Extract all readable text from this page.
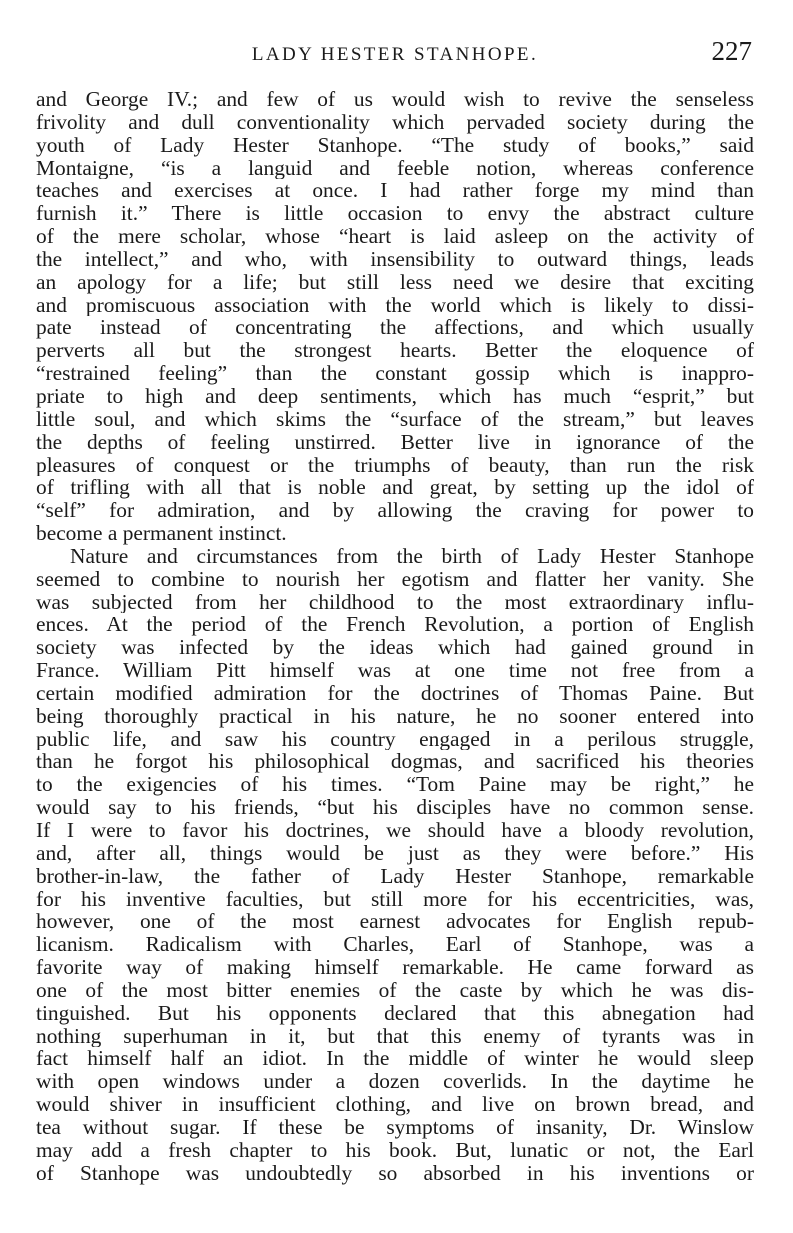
LADY HESTER STANHOPE.	227
and George IV.; and few of us would wish to revive the senseless
frivolity and dull conventionality which pervaded society during the
youth of Lady Hester Stanhope. “The study of books,” said
Montaigne, “is a languid and feeble notion, whereas conference
teaches and exercises at once. I had rather forge my mind than
furnish it.” There is little occasion to envy the abstract culture
of the mere scholar, whose “heart is laid asleep on the activity of
the intellect,” and who, with insensibility to outward things, leads
an apology for a life; but still less need we desire that exciting
and promiscuous association with the world which is likely to dissi-
pate instead of concentrating the affections, and which usually
perverts all but the strongest hearts. Better the eloquence of
“restrained feeling” than the constant gossip which is inappro-
priate to high and deep sentiments, which has much “esprit,” but
little soul, and which skims the “surface of the stream,” but leaves
the depths of feeling unstirred. Better live in ignorance of the
pleasures of conquest or the triumphs of beauty, than run the risk
of trifling with all that is noble and great, by setting up the idol of
“self” for admiration, and by allowing the craving for power to
become a permanent instinct.
Nature and circumstances from the birth of Lady Hester Stanhope
seemed to combine to nourish her egotism and flatter her vanity. She
was subjected from her childhood to the most extraordinary influ-
ences. At the period of the French Revolution, a portion of English
society was infected by the ideas which had gained ground in
France. William Pitt himself was at one time not free from a
certain modified admiration for the doctrines of Thomas Paine. But
being thoroughly practical in his nature, he no sooner entered into
public life, and saw his country engaged in a perilous struggle,
than he forgot his philosophical dogmas, and sacrificed his theories
to the exigencies of his times. “Tom Paine may be right,” he
would say to his friends, “but his disciples have no common sense.
If I were to favor his doctrines, we should have a bloody revolution,
and, after all, things would be just as they were before.” His
brother-in-law, the father of Lady Hester Stanhope, remarkable
for his inventive faculties, but still more for his eccentricities, was,
however, one of the most earnest advocates for English repub-
licanism. Radicalism with Charles, Earl of Stanhope, was a
favorite way of making himself remarkable. He came forward as
one of the most bitter enemies of the caste by which he was dis-
tinguished. But his opponents declared that this abnegation had
nothing superhuman in it, but that this enemy of tyrants was in
fact himself half an idiot. In the middle of winter he would sleep
with open windows under a dozen coverlids. In the daytime he
would shiver in insufficient clothing, and live on brown bread, and
tea without sugar. If these be symptoms of insanity, Dr. Winslow
may add a fresh chapter to his book. But, lunatic or not, the Earl
of Stanhope was undoubtedly so absorbed in his inventions or
